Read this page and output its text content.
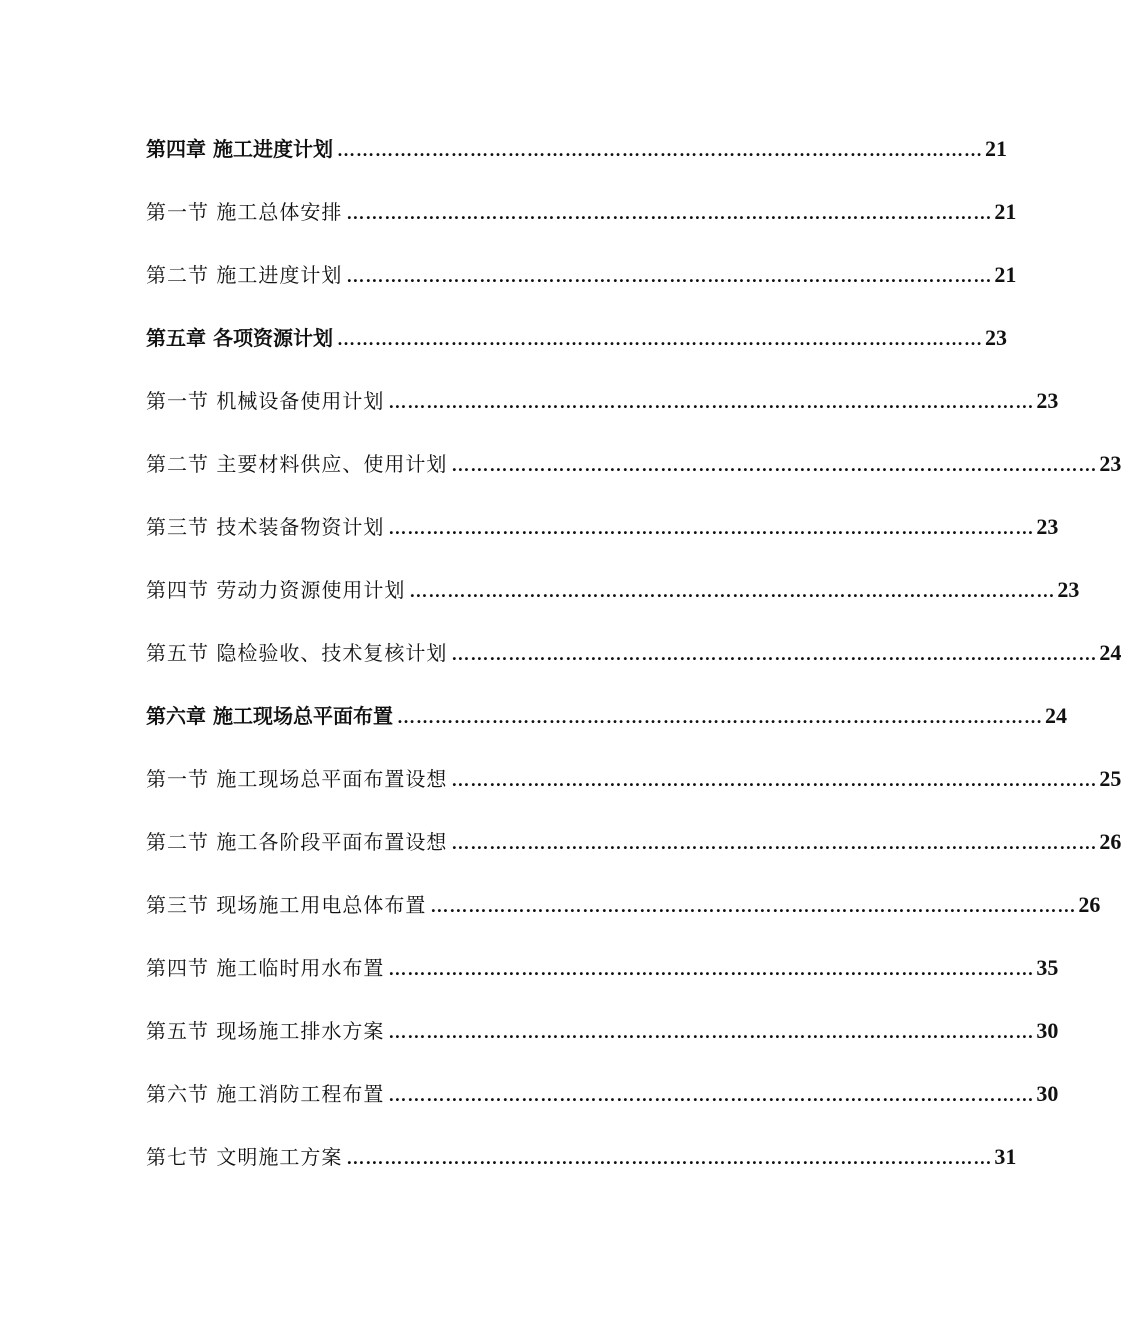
第四章 施工进度计划 ………………………………………………………………………………………… 21
第一节 施工总体安排 ………………………………………………………………………………………… 21
第二节 施工进度计划 ………………………………………………………………………………………… 21
第五章 各项资源计划 ………………………………………………………………………………………… 23
第一节 机械设备使用计划 ………………………………………………………………………………………… 23
第二节 主要材料供应、使用计划 ………………………………………………………………………………………… 23
第三节 技术装备物资计划 ………………………………………………………………………………………… 23
第四节 劳动力资源使用计划 ………………………………………………………………………………………… 23
第五节 隐检验收、技术复核计划 ………………………………………………………………………………………… 24
第六章 施工现场总平面布置 ………………………………………………………………………………………… 24
第一节 施工现场总平面布置设想 ………………………………………………………………………………………… 25
第二节 施工各阶段平面布置设想 ………………………………………………………………………………………… 26
第三节 现场施工用电总体布置 ………………………………………………………………………………………… 26
第四节 施工临时用水布置 ………………………………………………………………………………………… 35
第五节 现场施工排水方案 ………………………………………………………………………………………… 30
第六节 施工消防工程布置 ………………………………………………………………………………………… 30
第七节 文明施工方案 ………………………………………………………………………………………… 31
